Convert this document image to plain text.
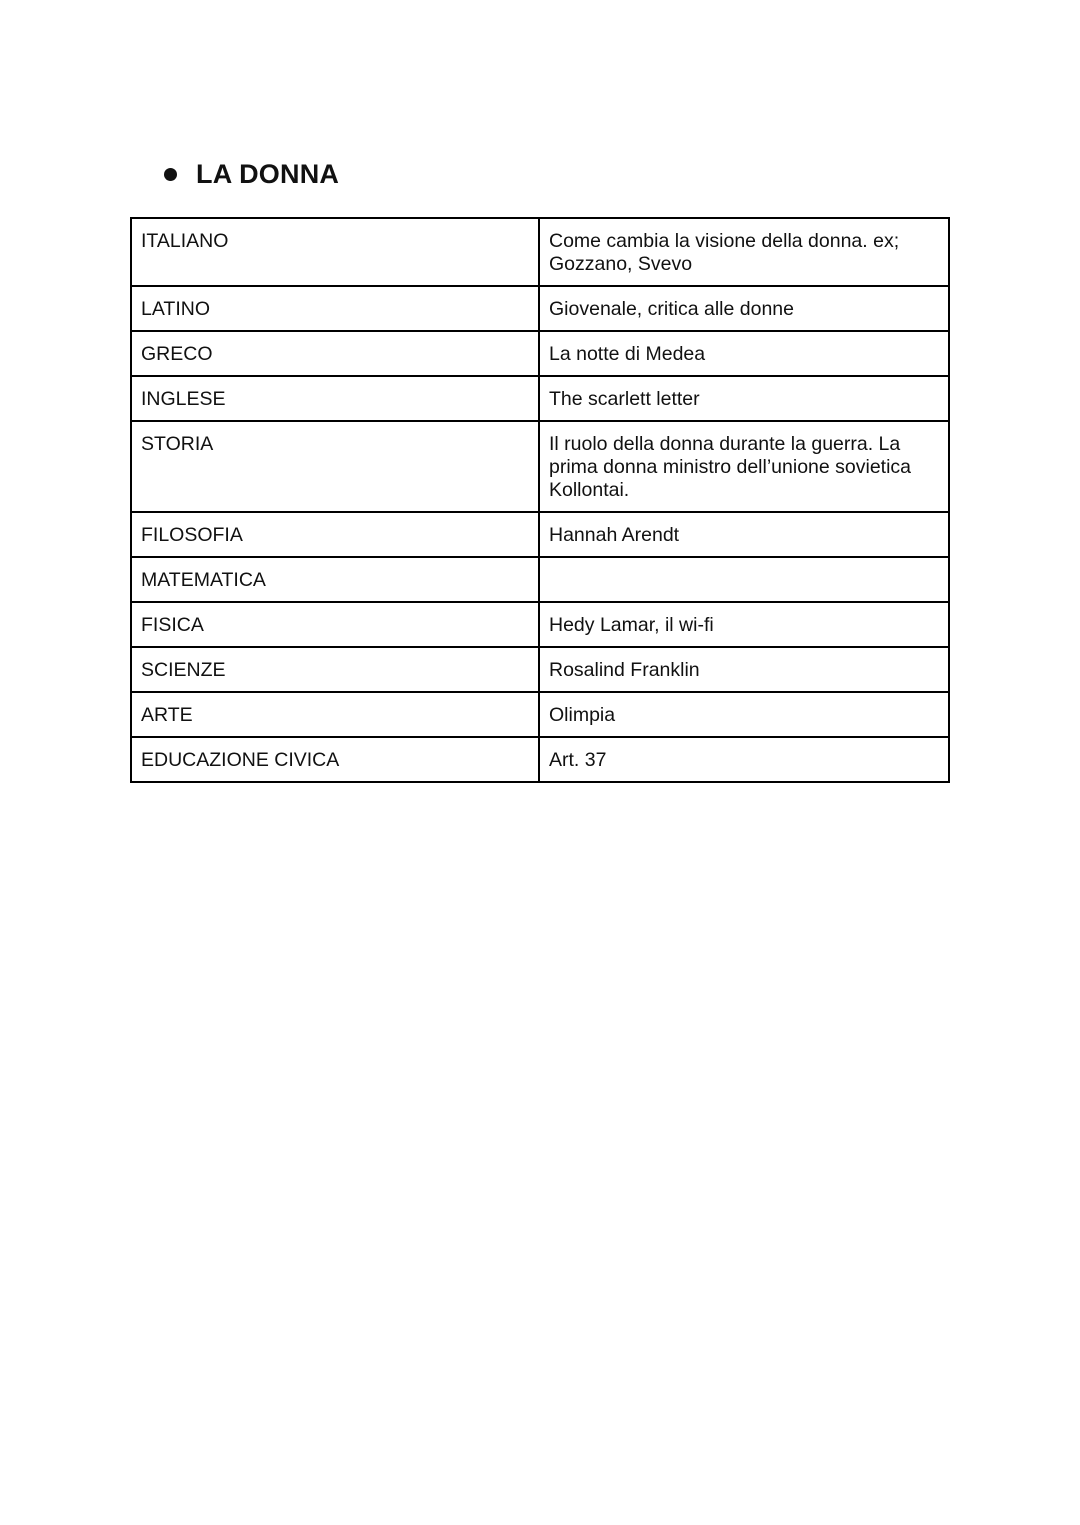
LA DONNA
ITALIANO	Come cambia la visione della donna. ex;
Gozzano, Svevo
LATINO	Giovenale, critica alle donne
GRECO	La notte di Medea
INGLESE	The scarlett letter
STORIA	Il ruolo della donna durante la guerra. La
prima donna ministro dell’unione sovietica
Kollontai.
FILOSOFIA	Hannah Arendt
MATEMATICA	
FISICA	Hedy Lamar, il wi-fi
SCIENZE	Rosalind Franklin
ARTE	Olimpia
EDUCAZIONE CIVICA	Art. 37
